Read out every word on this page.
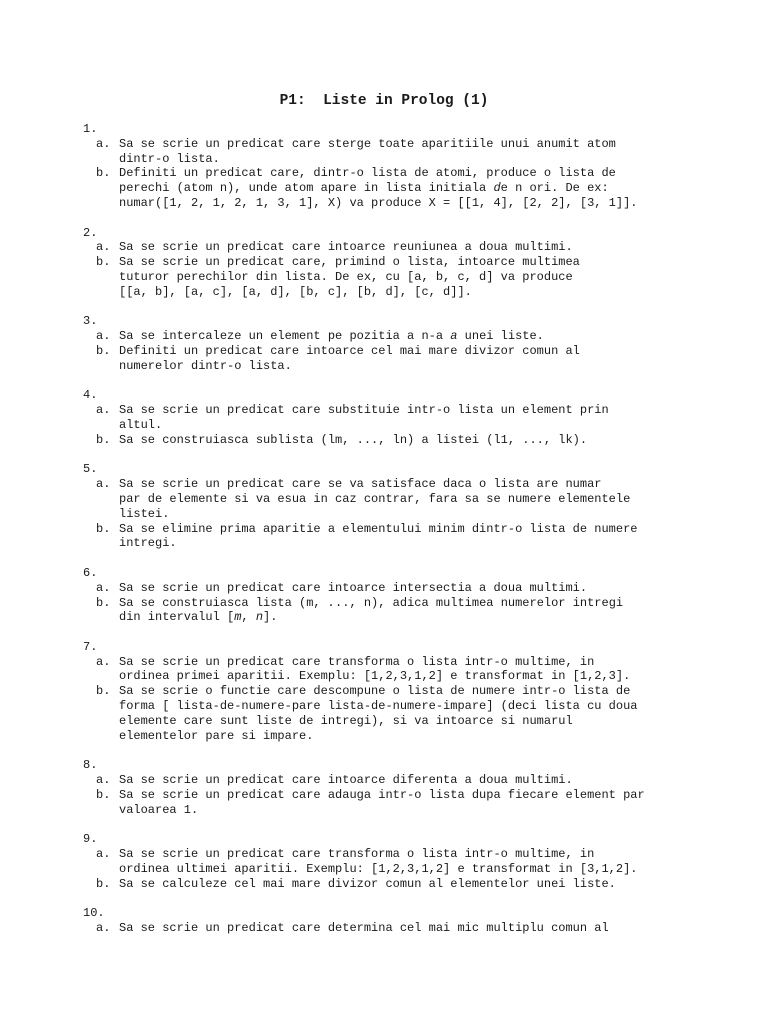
P1:  Liste in Prolog (1)
1.
a. Sa se scrie un predicat care sterge toate aparitiile unui anumit atom
dintr-o lista.
b. Definiti un predicat care, dintr-o lista de atomi, produce o lista de
perechi (atom n), unde atom apare in lista initiala de n ori. De ex:
numar([1, 2, 1, 2, 1, 3, 1], X) va produce X = [[1, 4], [2, 2], [3, 1]].
2.
a. Sa se scrie un predicat care intoarce reuniunea a doua multimi.
b. Sa se scrie un predicat care, primind o lista, intoarce multimea
tuturor perechilor din lista. De ex, cu [a, b, c, d] va produce
[[a, b], [a, c], [a, d], [b, c], [b, d], [c, d]].
3.
a. Sa se intercaleze un element pe pozitia a n-a a unei liste.
b. Definiti un predicat care intoarce cel mai mare divizor comun al
numerelor dintr-o lista.
4.
a. Sa se scrie un predicat care substituie intr-o lista un element prin
altul.
b. Sa se construiasca sublista (lm, ..., ln) a listei (l1, ..., lk).
5.
a. Sa se scrie un predicat care se va satisface daca o lista are numar
par de elemente si va esua in caz contrar, fara sa se numere elementele
listei.
b. Sa se elimine prima aparitie a elementului minim dintr-o lista de numere
intregi.
6.
a. Sa se scrie un predicat care intoarce intersectia a doua multimi.
b. Sa se construiasca lista (m, ..., n), adica multimea numerelor intregi
din intervalul [m, n].
7.
a. Sa se scrie un predicat care transforma o lista intr-o multime, in
ordinea primei aparitii. Exemplu: [1,2,3,1,2] e transformat in [1,2,3].
b. Sa se scrie o functie care descompune o lista de numere intr-o lista de
forma [ lista-de-numere-pare lista-de-numere-impare] (deci lista cu doua
elemente care sunt liste de intregi), si va intoarce si numarul
elementelor pare si impare.
8.
a. Sa se scrie un predicat care intoarce diferenta a doua multimi.
b. Sa se scrie un predicat care adauga intr-o lista dupa fiecare element par
valoarea 1.
9.
a. Sa se scrie un predicat care transforma o lista intr-o multime, in
ordinea ultimei aparitii. Exemplu: [1,2,3,1,2] e transformat in [3,1,2].
b. Sa se calculeze cel mai mare divizor comun al elementelor unei liste.
10.
a. Sa se scrie un predicat care determina cel mai mic multiplu comun al
